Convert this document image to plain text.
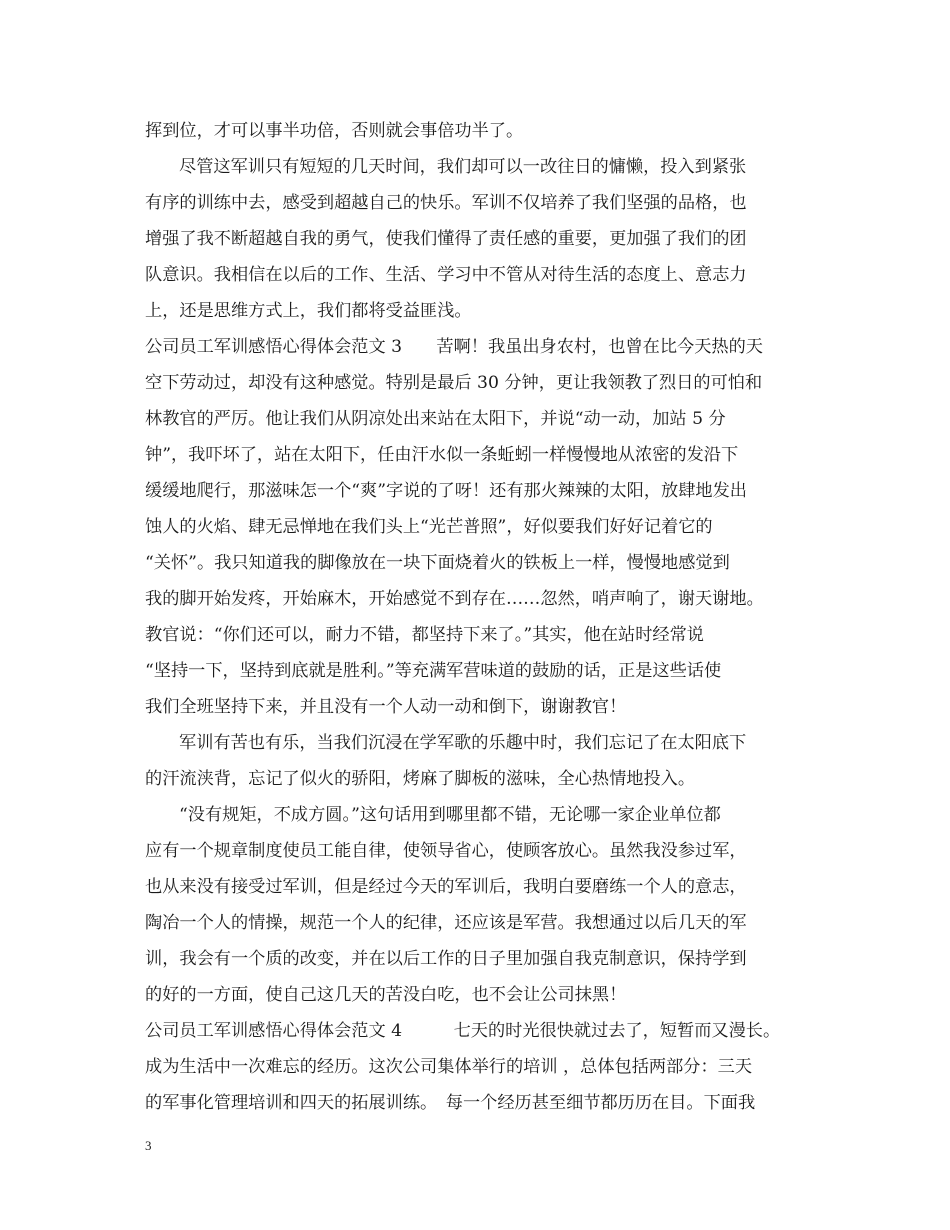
挥到位，才可以事半功倍，否则就会事倍功半了。
尽管这军训只有短短的几天时间，我们却可以一改往日的慵懒，投入到紧张
有序的训练中去，感受到超越自己的快乐。军训不仅培养了我们坚强的品格，也
增强了我不断超越自我的勇气，使我们懂得了责任感的重要，更加强了我们的团
队意识。我相信在以后的工作、生活、学习中不管从对待生活的态度上、意志力
上，还是思维方式上，我们都将受益匪浅。
公司员工军训感悟心得体会范文 3　　苦啊！我虽出身农村，也曾在比今天热的天
空下劳动过，却没有这种感觉。特别是最后 30 分钟，更让我领教了烈日的可怕和
林教官的严厉。他让我们从阴凉处出来站在太阳下，并说“动一动，加站 5 分
钟”，我吓坏了，站在太阳下，任由汗水似一条蚯蚓一样慢慢地从浓密的发沿下
缓缓地爬行，那滋味怎一个“爽”字说的了呀！还有那火辣辣的太阳，放肆地发出
蚀人的火焰、肆无忌惮地在我们头上“光芒普照”，好似要我们好好记着它的
“关怀”。我只知道我的脚像放在一块下面烧着火的铁板上一样，慢慢地感觉到
我的脚开始发疼，开始麻木，开始感觉不到存在……忽然，哨声响了，谢天谢地。
教官说：“你们还可以，耐力不错，都坚持下来了。”其实，他在站时经常说
“坚持一下，坚持到底就是胜利。”等充满军营味道的鼓励的话，正是这些话使
我们全班坚持下来，并且没有一个人动一动和倒下，谢谢教官！
军训有苦也有乐，当我们沉浸在学军歌的乐趣中时，我们忘记了在太阳底下
的汗流浃背，忘记了似火的骄阳，烤麻了脚板的滋味，全心热情地投入。
“没有规矩，不成方圆。”这句话用到哪里都不错，无论哪一家企业单位都
应有一个规章制度使员工能自律，使领导省心，使顾客放心。虽然我没参过军，
也从来没有接受过军训，但是经过今天的军训后，我明白要磨练一个人的意志，
陶冶一个人的情操，规范一个人的纪律，还应该是军营。我想通过以后几天的军
训，我会有一个质的改变，并在以后工作的日子里加强自我克制意识，保持学到
的好的一方面，使自己这几天的苦没白吃，也不会让公司抹黑！
公司员工军训感悟心得体会范文 4　　　七天的时光很快就过去了，短暂而又漫长。
成为生活中一次难忘的经历。这次公司集体举行的培训 ，总体包括两部分：三天
的军事化管理培训和四天的拓展训练。　每一个经历甚至细节都历历在目。下面我
3
